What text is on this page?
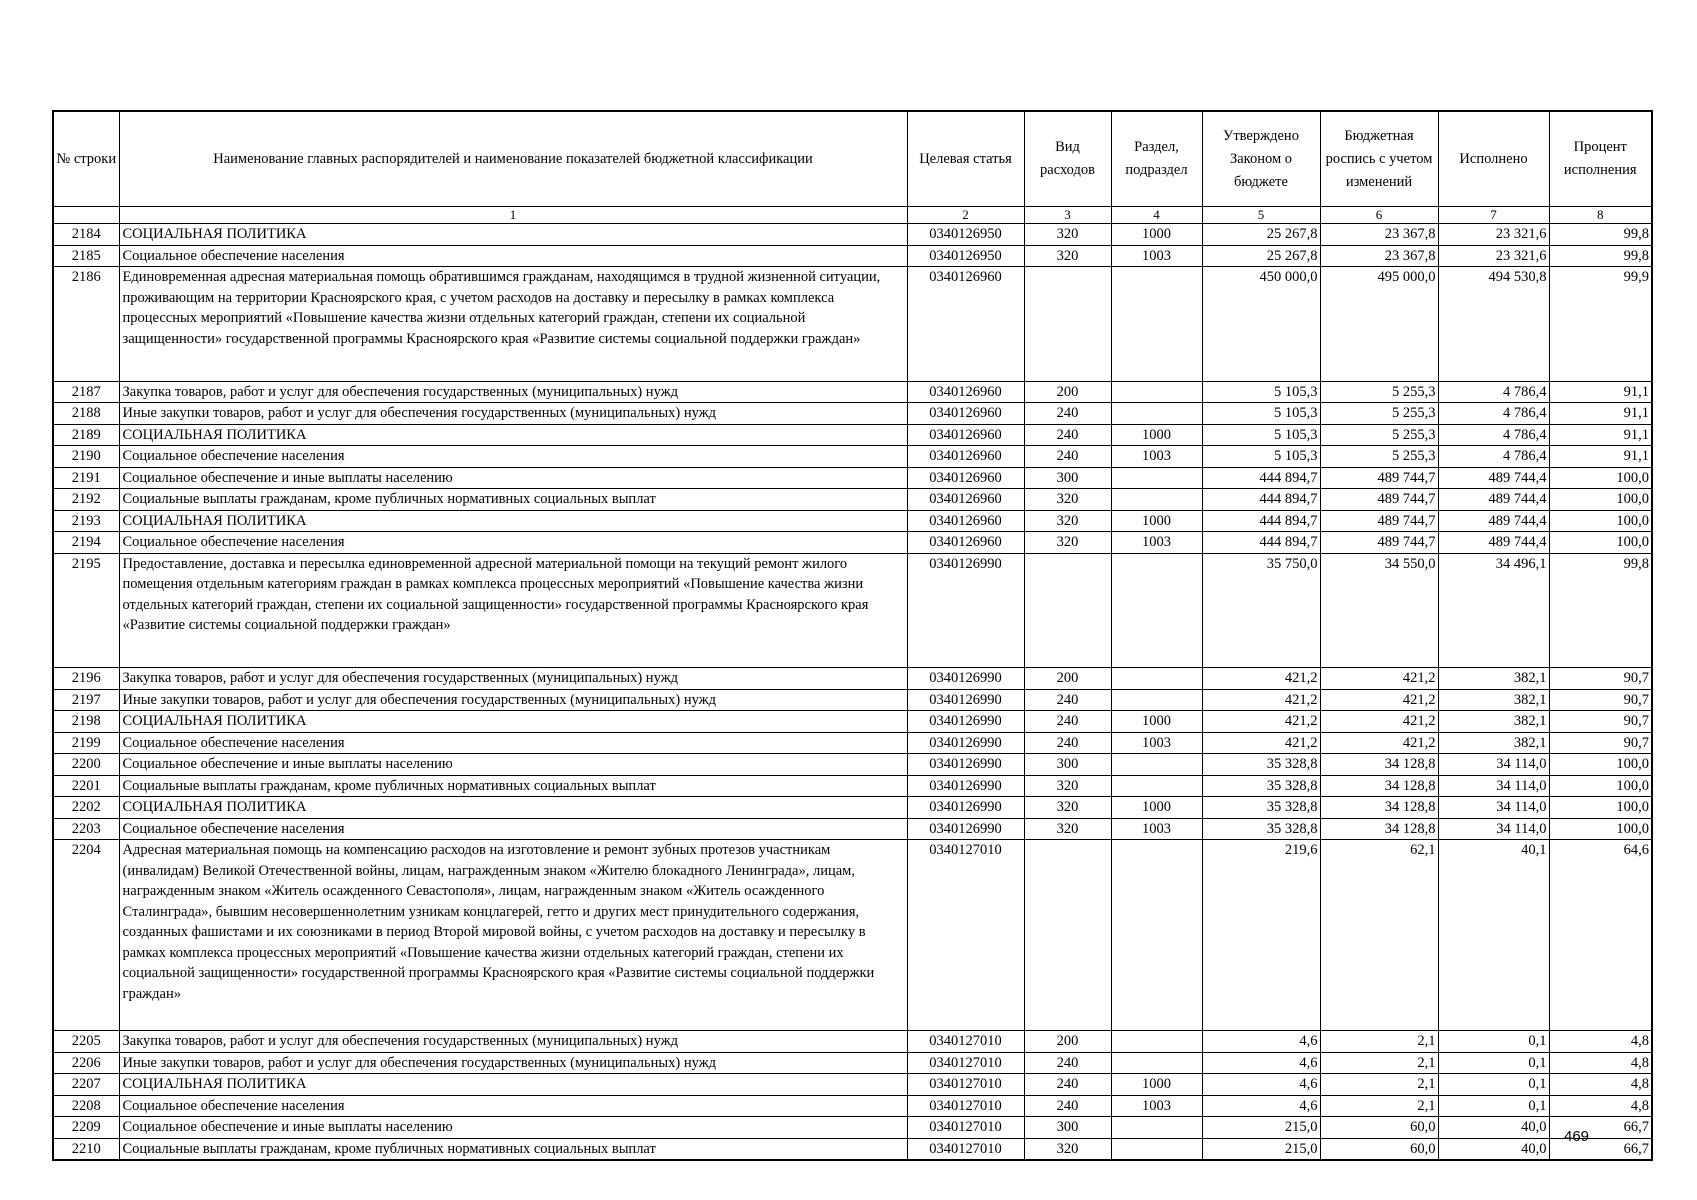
№ строки	Наименование главных распорядителей и наименование показателей бюджетной классификации	Целевая статья	Вид расходов	Раздел, подраздел	Утверждено Законом о бюджете	Бюджетная роспись с учетом изменений	Исполнено	Процент исполнения
	1	2	3	4	5	6	7	8
2184	СОЦИАЛЬНАЯ ПОЛИТИКА	0340126950	320	1000	25 267,8	23 367,8	23 321,6	99,8
2185	Социальное обеспечение населения	0340126950	320	1003	25 267,8	23 367,8	23 321,6	99,8
2186	Единовременная адресная материальная помощь обратившимся гражданам, находящимся в трудной жизненной ситуации, проживающим на территории Красноярского края, с учетом расходов на доставку и пересылку в рамках комплекса процессных мероприятий «Повышение качества жизни отдельных категорий граждан, степени их социальной защищенности» государственной программы Красноярского края «Развитие системы социальной поддержки граждан»	0340126960			450 000,0	495 000,0	494 530,8	99,9
2187	Закупка товаров, работ и услуг для обеспечения государственных (муниципальных) нужд	0340126960	200		5 105,3	5 255,3	4 786,4	91,1
2188	Иные закупки товаров, работ и услуг для обеспечения государственных (муниципальных) нужд	0340126960	240		5 105,3	5 255,3	4 786,4	91,1
2189	СОЦИАЛЬНАЯ ПОЛИТИКА	0340126960	240	1000	5 105,3	5 255,3	4 786,4	91,1
2190	Социальное обеспечение населения	0340126960	240	1003	5 105,3	5 255,3	4 786,4	91,1
2191	Социальное обеспечение и иные выплаты населению	0340126960	300		444 894,7	489 744,7	489 744,4	100,0
2192	Социальные выплаты гражданам, кроме публичных нормативных социальных выплат	0340126960	320		444 894,7	489 744,7	489 744,4	100,0
2193	СОЦИАЛЬНАЯ ПОЛИТИКА	0340126960	320	1000	444 894,7	489 744,7	489 744,4	100,0
2194	Социальное обеспечение населения	0340126960	320	1003	444 894,7	489 744,7	489 744,4	100,0
2195	Предоставление, доставка и пересылка единовременной адресной материальной помощи на текущий ремонт жилого помещения отдельным категориям граждан в рамках комплекса процессных мероприятий «Повышение качества жизни отдельных категорий граждан, степени их социальной защищенности» государственной программы Красноярского края «Развитие системы социальной поддержки граждан»	0340126990			35 750,0	34 550,0	34 496,1	99,8
2196	Закупка товаров, работ и услуг для обеспечения государственных (муниципальных) нужд	0340126990	200		421,2	421,2	382,1	90,7
2197	Иные закупки товаров, работ и услуг для обеспечения государственных (муниципальных) нужд	0340126990	240		421,2	421,2	382,1	90,7
2198	СОЦИАЛЬНАЯ ПОЛИТИКА	0340126990	240	1000	421,2	421,2	382,1	90,7
2199	Социальное обеспечение населения	0340126990	240	1003	421,2	421,2	382,1	90,7
2200	Социальное обеспечение и иные выплаты населению	0340126990	300		35 328,8	34 128,8	34 114,0	100,0
2201	Социальные выплаты гражданам, кроме публичных нормативных социальных выплат	0340126990	320		35 328,8	34 128,8	34 114,0	100,0
2202	СОЦИАЛЬНАЯ ПОЛИТИКА	0340126990	320	1000	35 328,8	34 128,8	34 114,0	100,0
2203	Социальное обеспечение населения	0340126990	320	1003	35 328,8	34 128,8	34 114,0	100,0
2204	Адресная материальная помощь на компенсацию расходов на изготовление и ремонт зубных протезов участникам (инвалидам) Великой Отечественной войны, лицам, награжденным знаком «Жителю блокадного Ленинграда», лицам, награжденным знаком «Житель осажденного Севастополя», лицам, награжденным знаком «Житель осажденного Сталинграда», бывшим несовершеннолетним узникам концлагерей, гетто и других мест принудительного содержания, созданных фашистами и их союзниками в период Второй мировой войны, с учетом расходов на доставку и пересылку в рамках комплекса процессных мероприятий «Повышение качества жизни отдельных категорий граждан, степени их социальной защищенности» государственной программы Красноярского края «Развитие системы социальной поддержки граждан»	0340127010			219,6	62,1	40,1	64,6
2205	Закупка товаров, работ и услуг для обеспечения государственных (муниципальных) нужд	0340127010	200		4,6	2,1	0,1	4,8
2206	Иные закупки товаров, работ и услуг для обеспечения государственных (муниципальных) нужд	0340127010	240		4,6	2,1	0,1	4,8
2207	СОЦИАЛЬНАЯ ПОЛИТИКА	0340127010	240	1000	4,6	2,1	0,1	4,8
2208	Социальное обеспечение населения	0340127010	240	1003	4,6	2,1	0,1	4,8
2209	Социальное обеспечение и иные выплаты населению	0340127010	300		215,0	60,0	40,0	66,7
2210	Социальные выплаты гражданам, кроме публичных нормативных социальных выплат	0340127010	320		215,0	60,0	40,0	66,7
469
